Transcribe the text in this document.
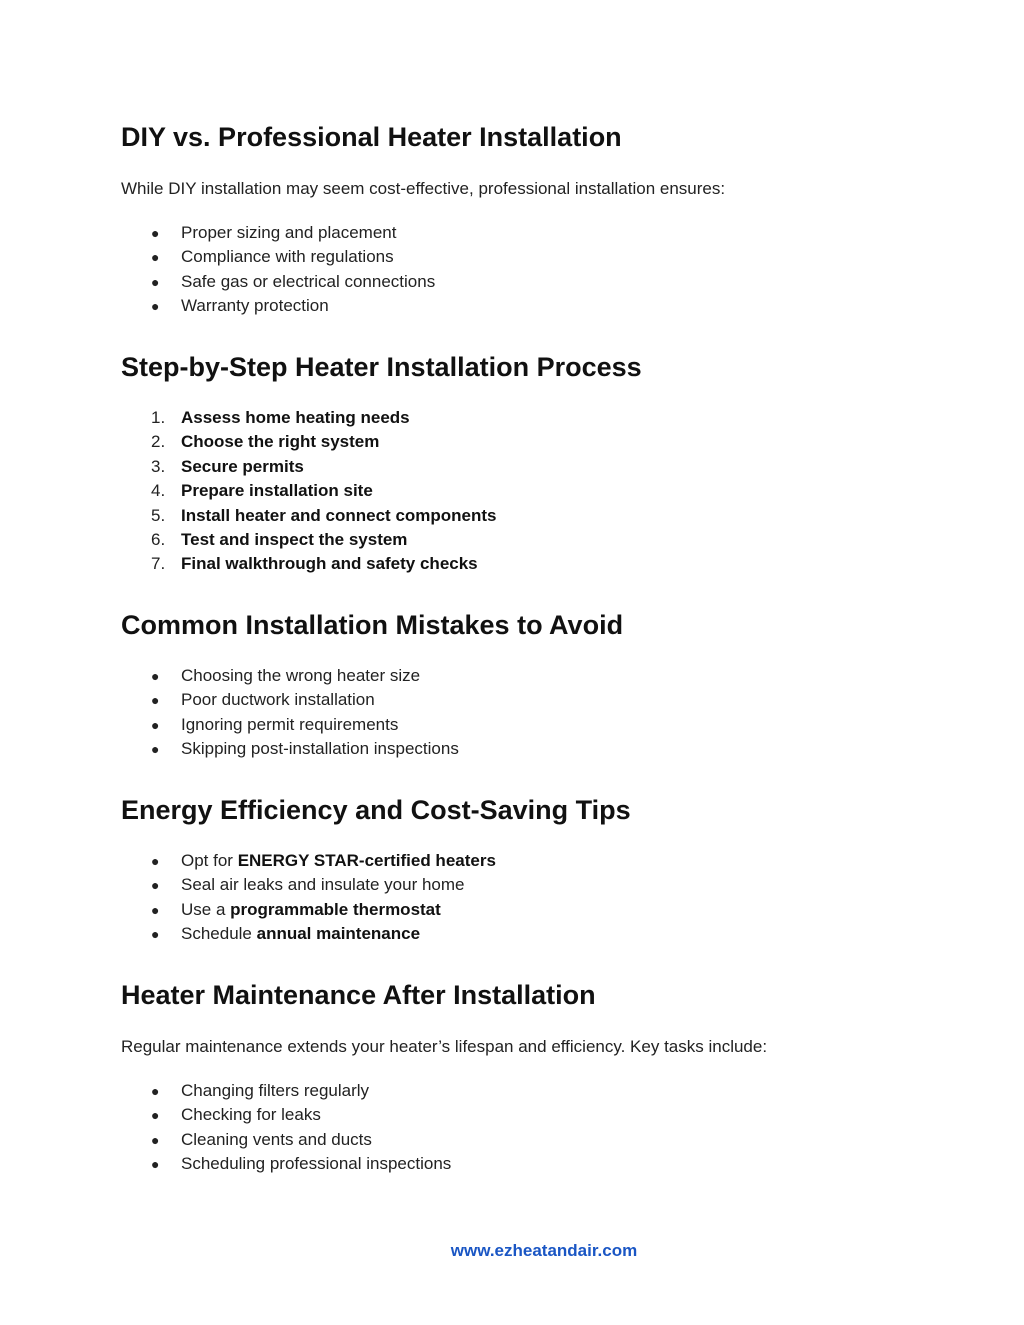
DIY vs. Professional Heater Installation

While DIY installation may seem cost-effective, professional installation ensures:

●	Proper sizing and placement
●	Compliance with regulations
●	Safe gas or electrical connections
●	Warranty protection
Step-by-Step Heater Installation Process
1. Assess home heating needs
2. Choose the right system
3. Secure permits
4. Prepare installation site
5. Install heater and connect components
6. Test and inspect the system
7. Final walkthrough and safety checks
Common Installation Mistakes to Avoid
●	Choosing the wrong heater size
●	Poor ductwork installation
●	Ignoring permit requirements
●	Skipping post-installation inspections
Energy Efficiency and Cost-Saving Tips
●	Opt for ENERGY STAR-certified heaters
●	Seal air leaks and insulate your home
●	Use a programmable thermostat
●	Schedule annual maintenance
Heater Maintenance After Installation

Regular maintenance extends your heater’s lifespan and efficiency. Key tasks include:

●	Changing filters regularly
●	Checking for leaks
●	Cleaning vents and ducts
●	Scheduling professional inspections
www.ezheatandair.com
